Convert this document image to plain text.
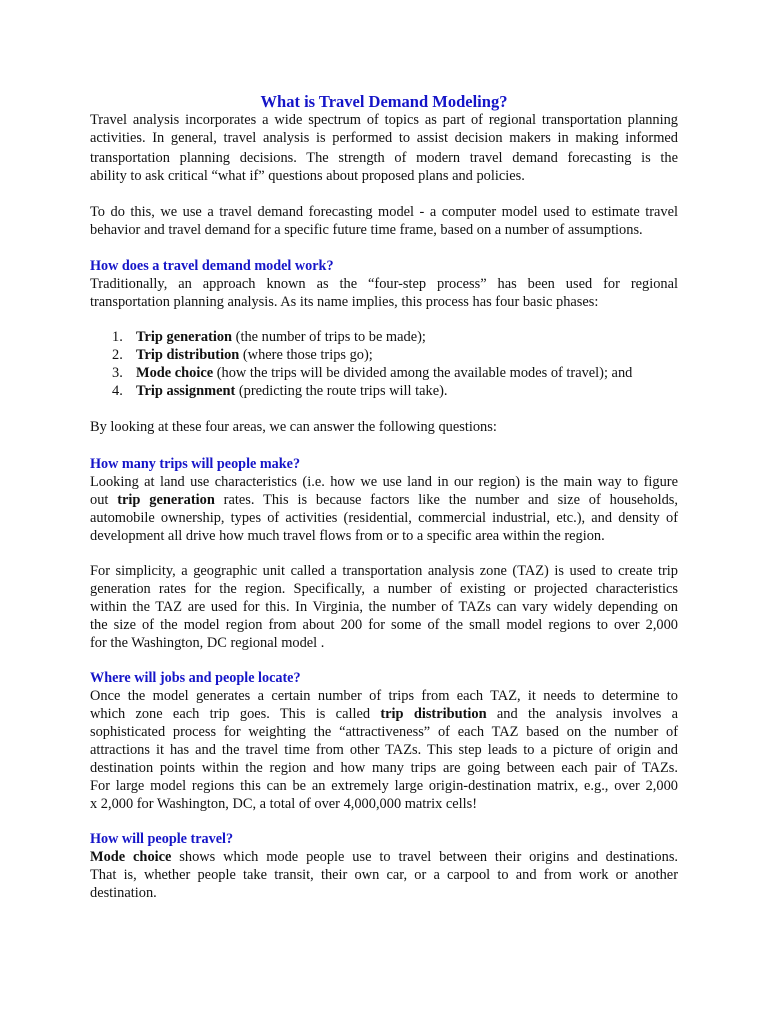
What is Travel Demand Modeling?
Travel analysis incorporates a wide spectrum of topics as part of regional transportation planning
activities. In general, travel analysis is performed to assist decision makers in making informed
transportation planning decisions. The strength of modern travel demand forecasting is the
ability to ask critical “what if” questions about proposed plans and policies.
To do this, we use a travel demand forecasting model - a computer model used to estimate travel
behavior and travel demand for a specific future time frame, based on a number of assumptions.
How does a travel demand model work?
Traditionally, an approach known as the “four-step process” has been used for regional
transportation planning analysis. As its name implies, this process has four basic phases:
1. Trip generation (the number of trips to be made);
2. Trip distribution (where those trips go);
3. Mode choice (how the trips will be divided among the available modes of travel); and
4. Trip assignment (predicting the route trips will take).
By looking at these four areas, we can answer the following questions:
How many trips will people make?
Looking at land use characteristics (i.e. how we use land in our region) is the main way to figure
out trip generation rates. This is because factors like the number and size of households,
automobile ownership, types of activities (residential, commercial industrial, etc.), and density of
development all drive how much travel flows from or to a specific area within the region.
For simplicity, a geographic unit called a transportation analysis zone (TAZ) is used to create trip
generation rates for the region. Specifically, a number of existing or projected characteristics
within the TAZ are used for this. In Virginia, the number of TAZs can vary widely depending on
the size of the model region from about 200 for some of the small model regions to over 2,000
for the Washington, DC regional model .
Where will jobs and people locate?
Once the model generates a certain number of trips from each TAZ, it needs to determine to
which zone each trip goes. This is called trip distribution and the analysis involves a
sophisticated process for weighting the “attractiveness” of each TAZ based on the number of
attractions it has and the travel time from other TAZs. This step leads to a picture of origin and
destination points within the region and how many trips are going between each pair of TAZs.
For large model regions this can be an extremely large origin-destination matrix, e.g., over 2,000
x 2,000 for Washington, DC, a total of over 4,000,000 matrix cells!
How will people travel?
Mode choice shows which mode people use to travel between their origins and destinations.
That is, whether people take transit, their own car, or a carpool to and from work or another
destination.
